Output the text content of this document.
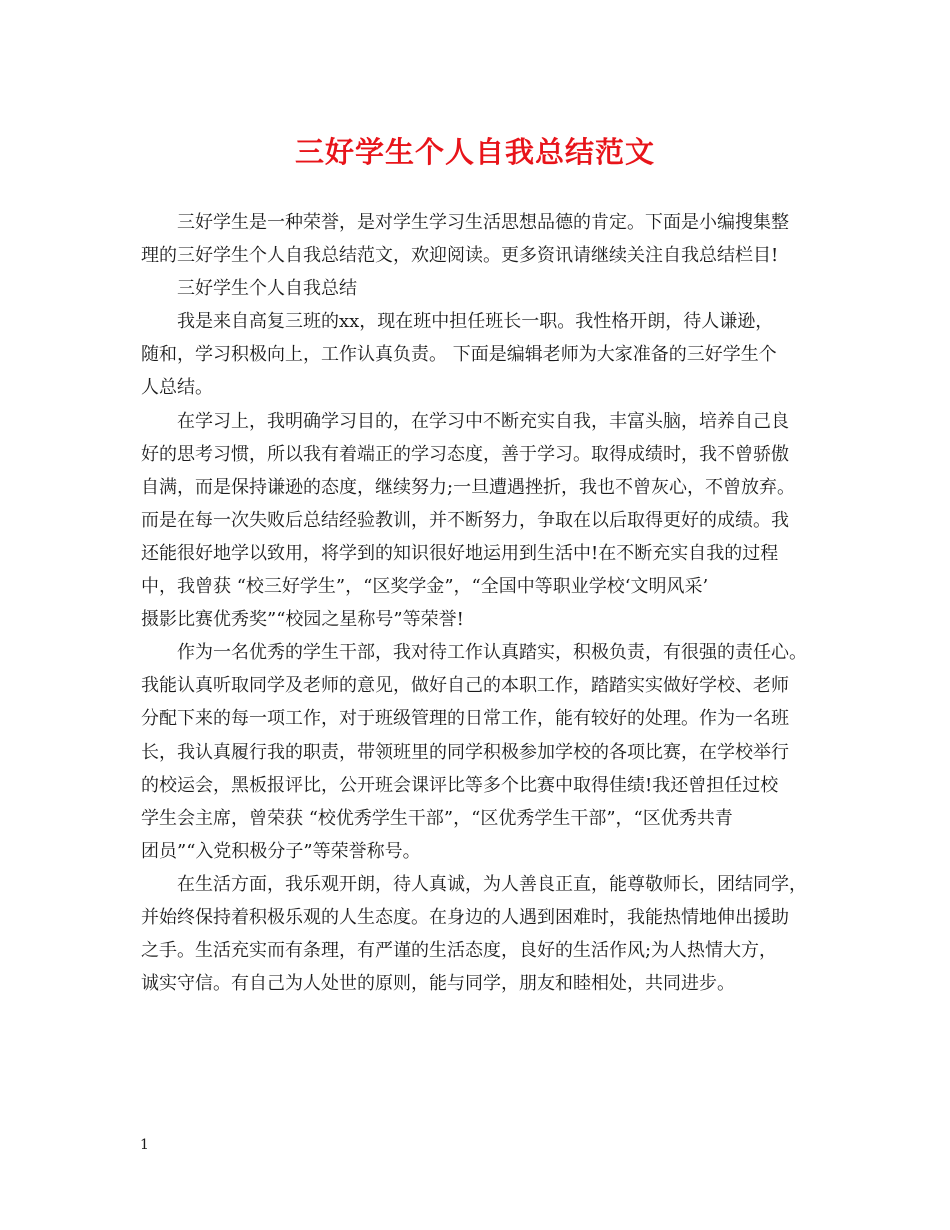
三好学生个人自我总结范文
三好学生是一种荣誉，是对学生学习生活思想品德的肯定。下面是小编搜集整
理的三好学生个人自我总结范文，欢迎阅读。更多资讯请继续关注自我总结栏目!
三好学生个人自我总结
我是来自高复三班的xx，现在班中担任班长一职。我性格开朗，待人谦逊，
随和，学习积极向上，工作认真负责。 下面是编辑老师为大家准备的三好学生个
人总结。
在学习上，我明确学习目的，在学习中不断充实自我，丰富头脑，培养自己良
好的思考习惯，所以我有着端正的学习态度，善于学习。取得成绩时，我不曾骄傲
自满，而是保持谦逊的态度，继续努力;一旦遭遇挫折，我也不曾灰心，不曾放弃。
而是在每一次失败后总结经验教训，并不断努力，争取在以后取得更好的成绩。我
还能很好地学以致用，将学到的知识很好地运用到生活中!在不断充实自我的过程
中，我曾获 “校三好学生”，“区奖学金”，“全国中等职业学校‘文明风采’
摄影比赛优秀奖”“校园之星称号”等荣誉!
作为一名优秀的学生干部，我对待工作认真踏实，积极负责，有很强的责任心。
我能认真听取同学及老师的意见，做好自己的本职工作，踏踏实实做好学校、老师
分配下来的每一项工作，对于班级管理的日常工作，能有较好的处理。作为一名班
长，我认真履行我的职责，带领班里的同学积极参加学校的各项比赛，在学校举行
的校运会，黑板报评比，公开班会课评比等多个比赛中取得佳绩!我还曾担任过校
学生会主席，曾荣获 “校优秀学生干部”，“区优秀学生干部”，“区优秀共青
团员”“入党积极分子”等荣誉称号。
在生活方面，我乐观开朗，待人真诚，为人善良正直，能尊敬师长，团结同学，
并始终保持着积极乐观的人生态度。在身边的人遇到困难时，我能热情地伸出援助
之手。生活充实而有条理，有严谨的生活态度，良好的生活作风;为人热情大方，
诚实守信。有自己为人处世的原则，能与同学，朋友和睦相处，共同进步。
1
